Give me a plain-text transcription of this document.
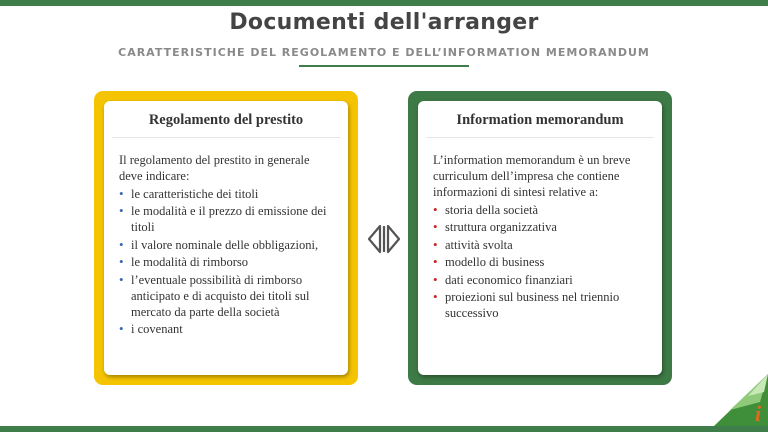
Documenti dell'arranger
CARATTERISTICHE DEL REGOLAMENTO E DELL’INFORMATION MEMORANDUM
Regolamento del prestito

Il regolamento del prestito in generale deve indicare:

• le caratteristiche dei titoli
• le modalità e il prezzo di emissione dei titoli
• il valore nominale delle obbligazioni,
• le modalità di rimborso
• l’eventuale possibilità di rimborso anticipato e di acquisto dei titoli sul mercato da parte della società
• i covenant
Information memorandum

L’information memorandum è un breve curriculum dell’impresa che contiene informazioni di sintesi relative a:

• storia della società
• struttura organizzativa
• attività svolta
• modello di business
• dati economico finanziari
• proiezioni sul business nel triennio successivo
i
